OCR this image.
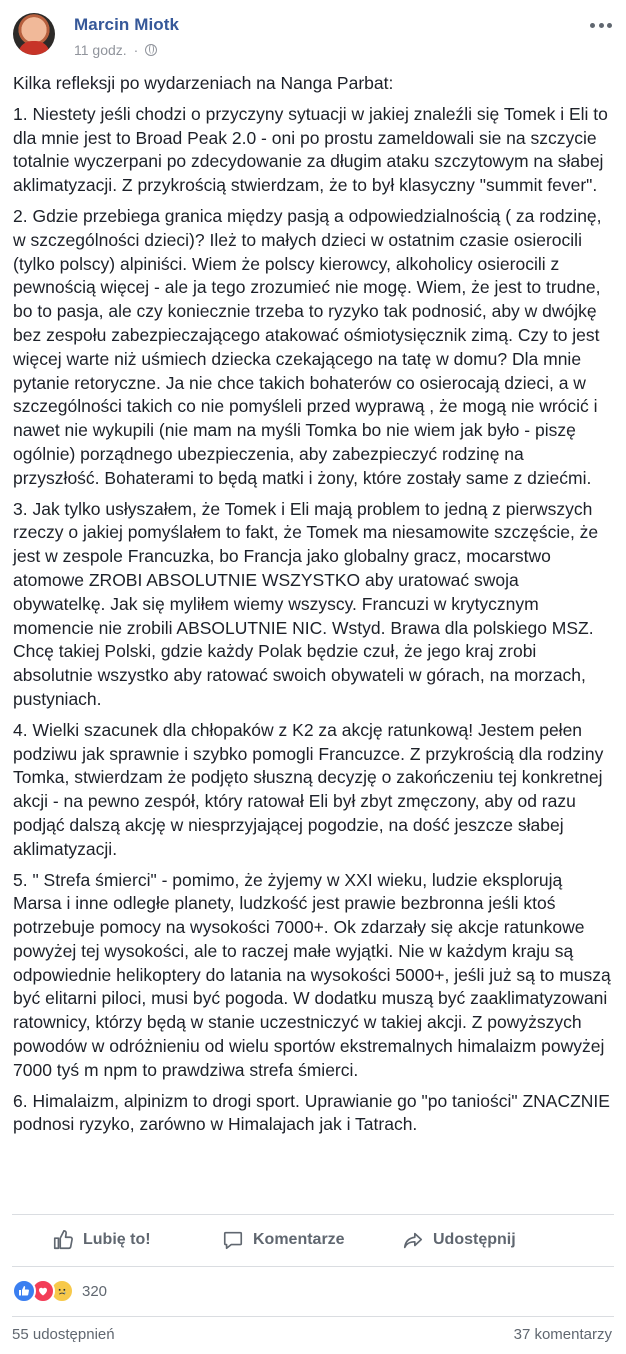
Marcin Miotk
11 godz. ·

Kilka refleksji po wydarzeniach na Nanga Parbat:

1. Niestety jeśli chodzi o przyczyny sytuacji w jakiej znaleźli się Tomek i Eli to dla mnie jest to Broad Peak 2.0 - oni po prostu zameldowali sie na szczycie totalnie wyczerpani po zdecydowanie za długim ataku szczytowym na słabej aklimatyzacji. Z przykrością stwierdzam, że to był klasyczny "summit fever".

2. Gdzie przebiega granica między pasją a odpowiedzialnością ( za rodzinę, w szczególności dzieci)? Ileż to małych dzieci w ostatnim czasie osierocili (tylko polscy) alpiniści. Wiem że polscy kierowcy, alkoholicy osierocili z pewnością więcej - ale ja tego zrozumieć nie mogę. Wiem, że jest to trudne, bo to pasja, ale czy koniecznie trzeba to ryzyko tak podnosić, aby w dwójkę bez zespołu zabezpieczającego atakować ośmiotysięcznik zimą. Czy to jest więcej warte niż uśmiech dziecka czekającego na tatę w domu? Dla mnie pytanie retoryczne. Ja nie chce takich bohaterów co osierocają dzieci, a w szczególności takich co nie pomyśleli przed wyprawą , że mogą nie wrócić i nawet nie wykupili (nie mam na myśli Tomka bo nie wiem jak było - piszę ogólnie) porządnego ubezpieczenia, aby zabezpieczyć rodzinę na przyszłość. Bohaterami to będą matki i żony, które zostały same z dziećmi.

3. Jak tylko usłyszałem, że Tomek i Eli mają problem to jedną z pierwszych rzeczy o jakiej pomyślałem to fakt, że Tomek ma niesamowite szczęście, że jest w zespole Francuzka, bo Francja jako globalny gracz, mocarstwo atomowe ZROBI ABSOLUTNIE WSZYSTKO aby uratować swoja obywatelkę. Jak się myliłem wiemy wszyscy. Francuzi w krytycznym momencie nie zrobili ABSOLUTNIE NIC. Wstyd. Brawa dla polskiego MSZ. Chcę takiej Polski, gdzie każdy Polak będzie czuł, że jego kraj zrobi absolutnie wszystko aby ratować swoich obywateli w górach, na morzach, pustyniach.

4. Wielki szacunek dla chłopaków z K2 za akcję ratunkową! Jestem pełen podziwu jak sprawnie i szybko pomogli Francuzce. Z przykrością dla rodziny Tomka, stwierdzam że podjęto słuszną decyzję o zakończeniu tej konkretnej akcji - na pewno zespół, który ratował Eli był zbyt zmęczony, aby od razu podjąć dalszą akcję w niesprzyjającej pogodzie, na dość jeszcze słabej aklimatyzacji.

5. " Strefa śmierci" - pomimo, że żyjemy w XXI wieku, ludzie eksplorują Marsa i inne odległe planety, ludzkość jest prawie bezbronna jeśli ktoś potrzebuje pomocy na wysokości 7000+. Ok zdarzały się akcje ratunkowe powyżej tej wysokości, ale to raczej małe wyjątki. Nie w każdym kraju są odpowiednie helikoptery do latania na wysokości 5000+, jeśli już są to muszą być elitarni piloci, musi być pogoda. W dodatku muszą być zaaklimatyzowani ratownicy, którzy będą w stanie uczestniczyć w takiej akcji. Z powyższych powodów w odróżnieniu od wielu sportów ekstremalnych himalaizm powyżej 7000 tyś m npm to prawdziwa strefa śmierci.

6. Himalaizm, alpinizm to drogi sport. Uprawianie go "po taniości" ZNACZNIE podnosi ryzyko, zarówno w Himalajach jak i Tatrach.

Lubię to!	Komentarze	Udostępnij
320
55 udostępnień	37 komentarzy
